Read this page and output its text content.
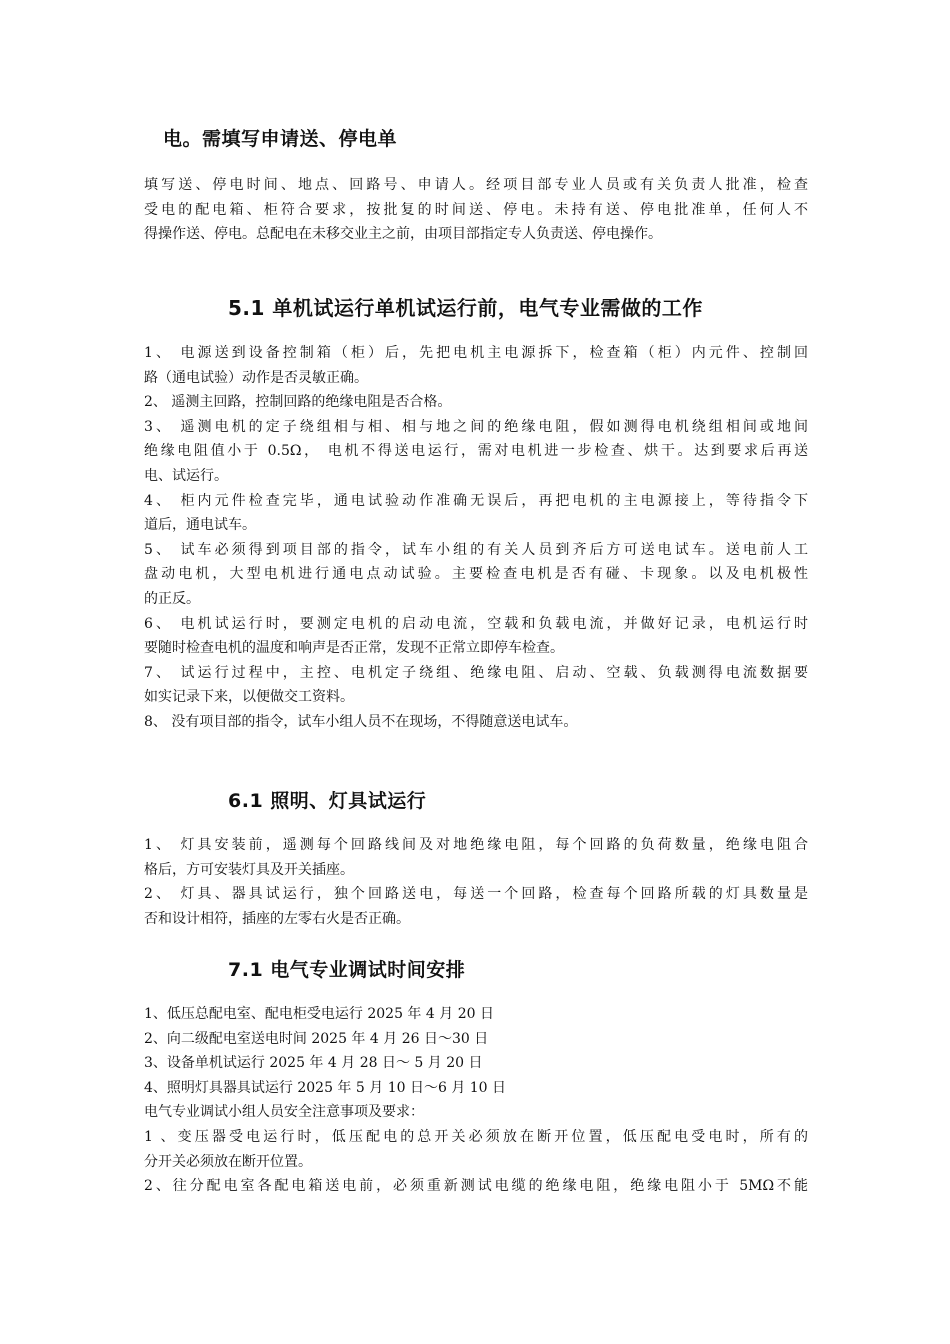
电。需填写申请送、停电单
填写送、停电时间、地点、回路号、申请人。经项目部专业人员或有关负责人批准，检查
受电的配电箱、柜符合要求，按批复的时间送、停电。未持有送、停电批准单，任何人不
得操作送、停电。总配电在未移交业主之前，由项目部指定专人负责送、停电操作。
5.1 单机试运行单机试运行前，电气专业需做的工作
1、 电源送到设备控制箱（柜）后，先把电机主电源拆下，检查箱（柜）内元件、控制回
路（通电试验）动作是否灵敏正确。
2、 遥测主回路，控制回路的绝缘电阻是否合格。
3、 遥测电机的定子绕组相与相、相与地之间的绝缘电阻，假如测得电机绕组相间或地间
绝缘电阻值小于 0.5Ω， 电机不得送电运行，需对电机进一步检查、烘干。达到要求后再送
电、试运行。
4、 柜内元件检查完毕，通电试验动作准确无误后，再把电机的主电源接上，等待指令下
道后，通电试车。
5、 试车必须得到项目部的指令，试车小组的有关人员到齐后方可送电试车。送电前人工
盘动电机，大型电机进行通电点动试验。主要检查电机是否有碰、卡现象。以及电机极性
的正反。
6、 电机试运行时，要测定电机的启动电流，空载和负载电流，并做好记录，电机运行时
要随时检查电机的温度和响声是否正常，发现不正常立即停车检查。
7、 试运行过程中，主控、电机定子绕组、绝缘电阻、启动、空载、负载测得电流数据要
如实记录下来，以便做交工资料。
8、 没有项目部的指令，试车小组人员不在现场，不得随意送电试车。
6.1 照明、灯具试运行
1、 灯具安装前，遥测每个回路线间及对地绝缘电阻，每个回路的负荷数量，绝缘电阻合
格后，方可安装灯具及开关插座。
2、 灯具、器具试运行，独个回路送电，每送一个回路，检查每个回路所载的灯具数量是
否和设计相符，插座的左零右火是否正确。
7.1 电气专业调试时间安排
1、低压总配电室、配电柜受电运行 2025 年 4 月 20 日
2、向二级配电室送电时间 2025 年 4 月 26 日～30 日
3、设备单机试运行 2025 年 4 月 28 日～ 5 月 20 日
4、照明灯具器具试运行 2025 年 5 月 10 日～6 月 10 日
电气专业调试小组人员安全注意事项及要求：
1 、变压器受电运行时，低压配电的总开关必须放在断开位置，低压配电受电时，所有的
分开关必须放在断开位置。
2、往分配电室各配电箱送电前，必须重新测试电缆的绝缘电阻，绝缘电阻小于 5MΩ不能
